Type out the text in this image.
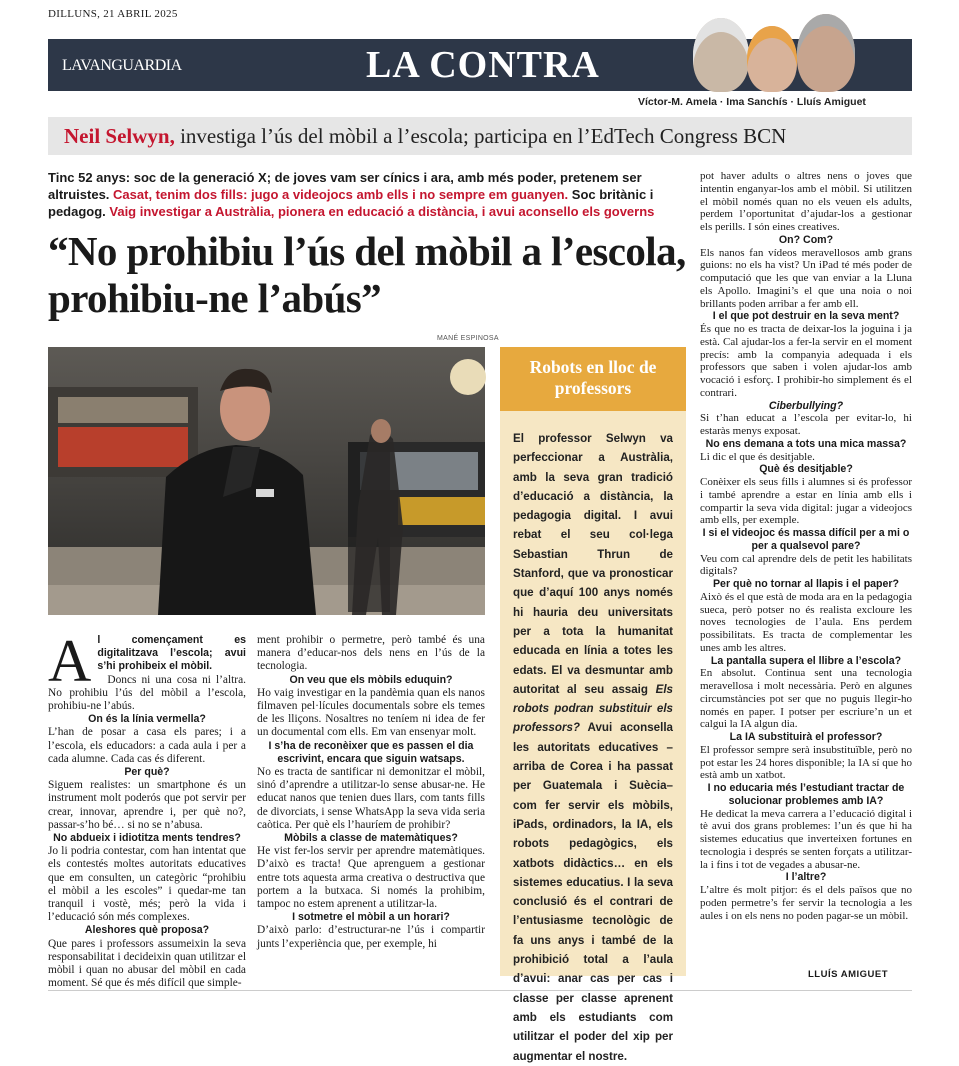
DILLUNS, 21 ABRIL 2025
LAVANGUARDIA	LA CONTRA
Víctor-M. Amela · Ima Sanchís · Lluís Amiguet
Neil Selwyn, investiga l’ús del mòbil a l’escola; participa en l’EdTech Congress BCN
Tinc 52 anys: soc de la generació X; de joves vam ser cínics i ara, amb més poder, pretenem ser altruistes. Casat, tenim dos fills: jugo a videojocs amb ells i no sempre em guanyen. Soc britànic i pedagog. Vaig investigar a Austràlia, pionera en educació a distància, i avui aconsello els governs
“No prohibiu l’ús del mòbil a l’escola, prohibiu-ne l’abús”
MANÉ ESPINOSA
A l començament es digitalitzava l’escola; avui s’hi prohibeix el mòbil.
Doncs ni una cosa ni l’altra. No prohibiu l’ús del mòbil a l’escola, prohibiu-ne l’abús.
On és la línia vermella?
L’han de posar a casa els pares; i a l’escola, els educadors: a cada aula i per a cada alumne. Cada cas és diferent.
Per què?
Siguem realistes: un smartphone és un instrument molt poderós que pot servir per crear, innovar, aprendre i, per què no?, passar-s’ho bé… si no se n’abusa.
No abdueix i idiotitza ments tendres?
Jo li podria contestar, com han intentat que els contestés moltes autoritats educatives que em consulten, un categòric “prohibiu el mòbil a les escoles” i quedar-me tan tranquil i vostè, més; però la vida i l’educació són més complexes.
Aleshores què proposa?
Que pares i professors assumeixin la seva responsabilitat i decideixin quan utilitzar el mòbil i quan no abusar del mòbil en cada moment. Sé que és més difícil que simple-
ment prohibir o permetre, però també és una manera d’educar-nos dels nens en l’ús de la tecnologia.
On veu que els mòbils eduquin?
Ho vaig investigar en la pandèmia quan els nanos filmaven pel·lícules documentals sobre els temes de les lliçons. Nosaltres no teníem ni idea de fer un documental com ells. Em van ensenyar molt.
I s’ha de reconèixer que es passen el dia escrivint, encara que siguin watsaps.
No es tracta de santificar ni demonitzar el mòbil, sinó d’aprendre a utilitzar-lo sense abusar-ne. He educat nanos que tenien dues llars, com tants fills de divorciats, i sense WhatsApp la seva vida seria caòtica. Per què els l’hauríem de prohibir?
Mòbils a classe de matemàtiques?
He vist fer-los servir per aprendre matemàtiques. D’això es tracta! Que aprenguem a gestionar entre tots aquesta arma creativa o destructiva que portem a la butxaca. Si només la prohibim, tampoc no estem aprenent a utilitzar-la.
I sotmetre el mòbil a un horari?
D’això parlo: d’estructurar-ne l’ús i compartir junts l’experiència que, per exemple, hi
Robots en lloc de professors
El professor Selwyn va perfeccionar a Austràlia, amb la seva gran tradició d’educació a distància, la pedagogia digital. I avui rebat el seu col·lega Sebastian Thrun de Stanford, que va pronosticar que d’aquí 100 anys només hi hauria deu universitats per a tota la humanitat educada en línia a totes les edats. El va desmuntar amb autoritat al seu assaig Els robots podran substituir els professors? Avui aconsella les autoritats educatives –arriba de Corea i ha passat per Guatemala i Suècia– com fer servir els mòbils, iPads, ordinadors, la IA, els robots pedagògics, els xatbots didàctics… en els sistemes educatius. I la seva conclusió és el contrari de l’entusiasme tecnològic de fa uns anys i també de la prohibició total a l’aula d’avui: anar cas per cas i classe per classe aprenent amb els estudiants com utilitzar el poder del xip per augmentar el nostre.
pot haver adults o altres nens o joves que intentin enganyar-los amb el mòbil. Si utilitzen el mòbil només quan no els veuen els adults, perdem l’oportunitat d’ajudar-los a gestionar els perills. I són eines creatives.
On? Com?
Els nanos fan vídeos meravellosos amb grans guions: no els ha vist? Un iPad té més poder de computació que les que van enviar a la Lluna els Apollo. Imagini’s el que una noia o noi brillants poden arribar a fer amb ell.
I el que pot destruir en la seva ment?
És que no es tracta de deixar-los la joguina i ja està. Cal ajudar-los a fer-la servir en el moment precís: amb la companyia adequada i els professors que saben i volen ajudar-los amb vocació i esforç. I prohibir-ho simplement és el contrari.
Ciberbullying?
Si t’han educat a l’escola per evitar-lo, hi estaràs menys exposat.
No ens demana a tots una mica massa?
Li dic el que és desitjable.
Què és desitjable?
Conèixer els seus fills i alumnes si és professor i també aprendre a estar en línia amb ells i compartir la seva vida digital: jugar a videojocs amb ells, per exemple.
I si el videojoc és massa difícil per a mi o per a qualsevol pare?
Veu com cal aprendre dels de petit les habilitats digitals?
Per què no tornar al llapis i el paper?
Això és el que està de moda ara en la pedagogia sueca, però potser no és realista excloure les noves tecnologies de l’aula. Ens perdem possibilitats. Es tracta de complementar les unes amb les altres.
La pantalla supera el llibre a l’escola?
En absolut. Continua sent una tecnologia meravellosa i molt necessària. Però en algunes circumstàncies pot ser que no puguis llegir-ho només en paper. I potser per escriure’n un et calgui la IA algun dia.
La IA substituirà el professor?
El professor sempre serà insubstituïble, però no pot estar les 24 hores disponible; la IA sí que ho està amb un xatbot.
I no educaria més l’estudiant tractar de solucionar problemes amb IA?
He dedicat la meva carrera a l’educació digital i tè avui dos grans problemes: l’un és que hi ha sistemes educatius que inverteixen fortunes en tecnologia i després se senten forçats a utilitzar-la i fins i tot de vegades a abusar-ne.
I l’altre?
L’altre és molt pitjor: és el dels països que no poden permetre’s fer servir la tecnologia a les aules i on els nens no poden pagar-se un mòbil.
LLUÍS AMIGUET
